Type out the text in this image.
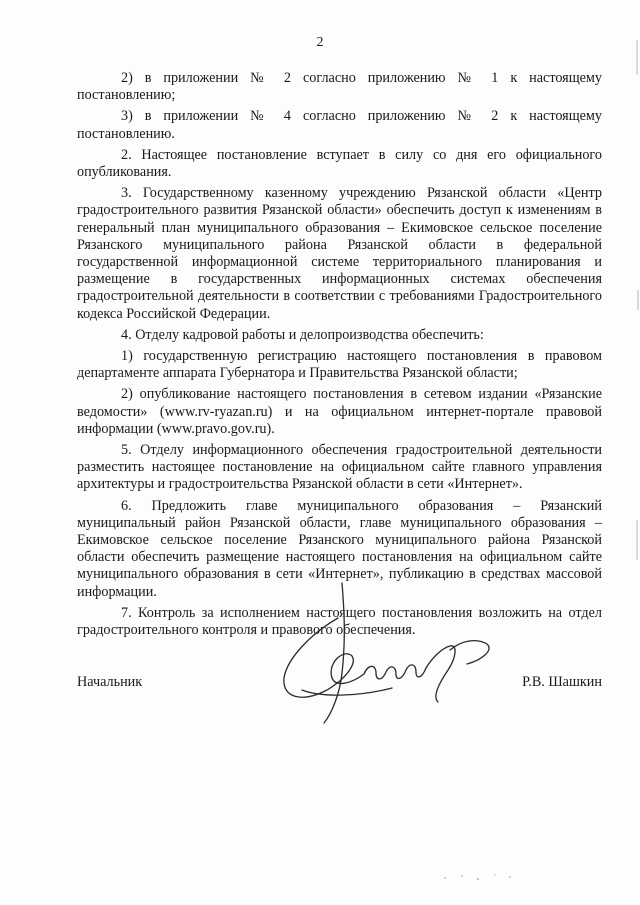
2

2) в приложении № 2 согласно приложению № 1 к настоящему постановлению;

3) в приложении № 4 согласно приложению № 2 к настоящему постановлению.

2. Настоящее постановление вступает в силу со дня его официального опубликования.

3. Государственному казенному учреждению Рязанской области «Центр градостроительного развития Рязанской области» обеспечить доступ к изменениям в генеральный план муниципального образования – Екимовское сельское поселение Рязанского муниципального района Рязанской области в федеральной государственной информационной системе территориального планирования и размещение в государственных информационных системах обеспечения градостроительной деятельности в соответствии с требованиями Градостроительного кодекса Российской Федерации.

4. Отделу кадровой работы и делопроизводства обеспечить:

1) государственную регистрацию настоящего постановления в правовом департаменте аппарата Губернатора и Правительства Рязанской области;

2) опубликование настоящего постановления в сетевом издании «Рязанские ведомости» (www.rv-ryazan.ru) и на официальном интернет-портале правовой информации (www.pravo.gov.ru).

5. Отделу информационного обеспечения градостроительной деятельности разместить настоящее постановление на официальном сайте главного управления архитектуры и градостроительства Рязанской области в сети «Интернет».

6. Предложить главе муниципального образования – Рязанский муниципальный район Рязанской области, главе муниципального образования – Екимовское сельское поселение Рязанского муниципального района Рязанской области обеспечить размещение настоящего постановления на официальном сайте муниципального образования в сети «Интернет», публикацию в средствах массовой информации.

7. Контроль за исполнением настоящего постановления возложить на отдел градостроительного контроля и правового обеспечения.

Начальник	Р.В. Шашкин
